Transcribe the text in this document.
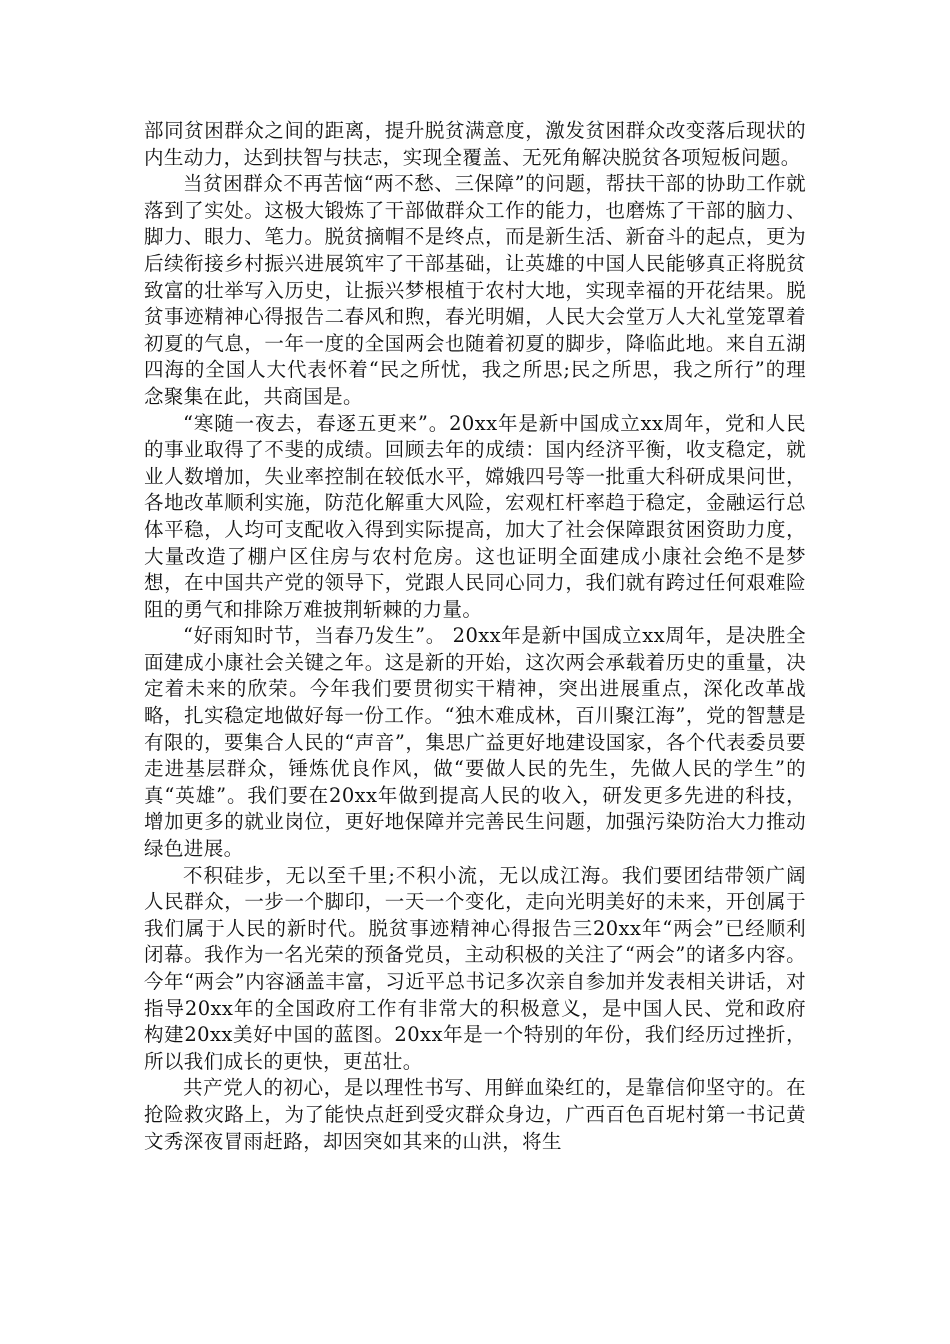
部同贫困群众之间的距离，提升脱贫满意度，激发贫困群众改变落后现状的内生动力，达到扶智与扶志，实现全覆盖、无死角解决脱贫各项短板问题。

当贫困群众不再苦恼“两不愁、三保障”的问题，帮扶干部的协助工作就落到了实处。这极大锻炼了干部做群众工作的能力，也磨炼了干部的脑力、脚力、眼力、笔力。脱贫摘帽不是终点，而是新生活、新奋斗的起点，更为后续衔接乡村振兴进展筑牢了干部基础，让英雄的中国人民能够真正将脱贫致富的壮举写入历史，让振兴梦根植于农村大地，实现幸福的开花结果。脱贫事迹精神心得报告二春风和煦，春光明媚，人民大会堂万人大礼堂笼罩着初夏的气息，一年一度的全国两会也随着初夏的脚步，降临此地。来自五湖四海的全国人大代表怀着“民之所忧，我之所思;民之所思，我之所行”的理念聚集在此，共商国是。

“寒随一夜去，春逐五更来”。20xx年是新中国成立xx周年，党和人民的事业取得了不斐的成绩。回顾去年的成绩：国内经济平衡，收支稳定，就业人数增加，失业率控制在较低水平，嫦娥四号等一批重大科研成果问世，各地改革顺利实施，防范化解重大风险，宏观杠杆率趋于稳定，金融运行总体平稳，人均可支配收入得到实际提高，加大了社会保障跟贫困资助力度，大量改造了棚户区住房与农村危房。这也证明全面建成小康社会绝不是梦想，在中国共产党的领导下，党跟人民同心同力，我们就有跨过任何艰难险阻的勇气和排除万难披荆斩棘的力量。

“好雨知时节，当春乃发生”。 20xx年是新中国成立xx周年，是决胜全面建成小康社会关键之年。这是新的开始，这次两会承载着历史的重量，决定着未来的欣荣。今年我们要贯彻实干精神，突出进展重点，深化改革战略，扎实稳定地做好每一份工作。“独木难成林，百川聚江海”，党的智慧是有限的，要集合人民的“声音”，集思广益更好地建设国家，各个代表委员要走进基层群众，锤炼优良作风，做“要做人民的先生，先做人民的学生”的真“英雄”。我们要在20xx年做到提高人民的收入，研发更多先进的科技，增加更多的就业岗位，更好地保障并完善民生问题，加强污染防治大力推动绿色进展。

不积硅步，无以至千里;不积小流，无以成江海。我们要团结带领广阔人民群众，一步一个脚印，一天一个变化，走向光明美好的未来，开创属于我们属于人民的新时代。脱贫事迹精神心得报告三20xx年“两会”已经顺利闭幕。我作为一名光荣的预备党员，主动积极的关注了“两会”的诸多内容。今年“两会”内容涵盖丰富，习近平总书记多次亲自参加并发表相关讲话，对指导20xx年的全国政府工作有非常大的积极意义，是中国人民、党和政府构建20xx美好中国的蓝图。20xx年是一个特别的年份，我们经历过挫折，所以我们成长的更快，更茁壮。

共产党人的初心，是以理性书写、用鲜血染红的，是靠信仰坚守的。在抢险救灾路上，为了能快点赶到受灾群众身边，广西百色百坭村第一书记黄文秀深夜冒雨赶路，却因突如其来的山洪，将生
